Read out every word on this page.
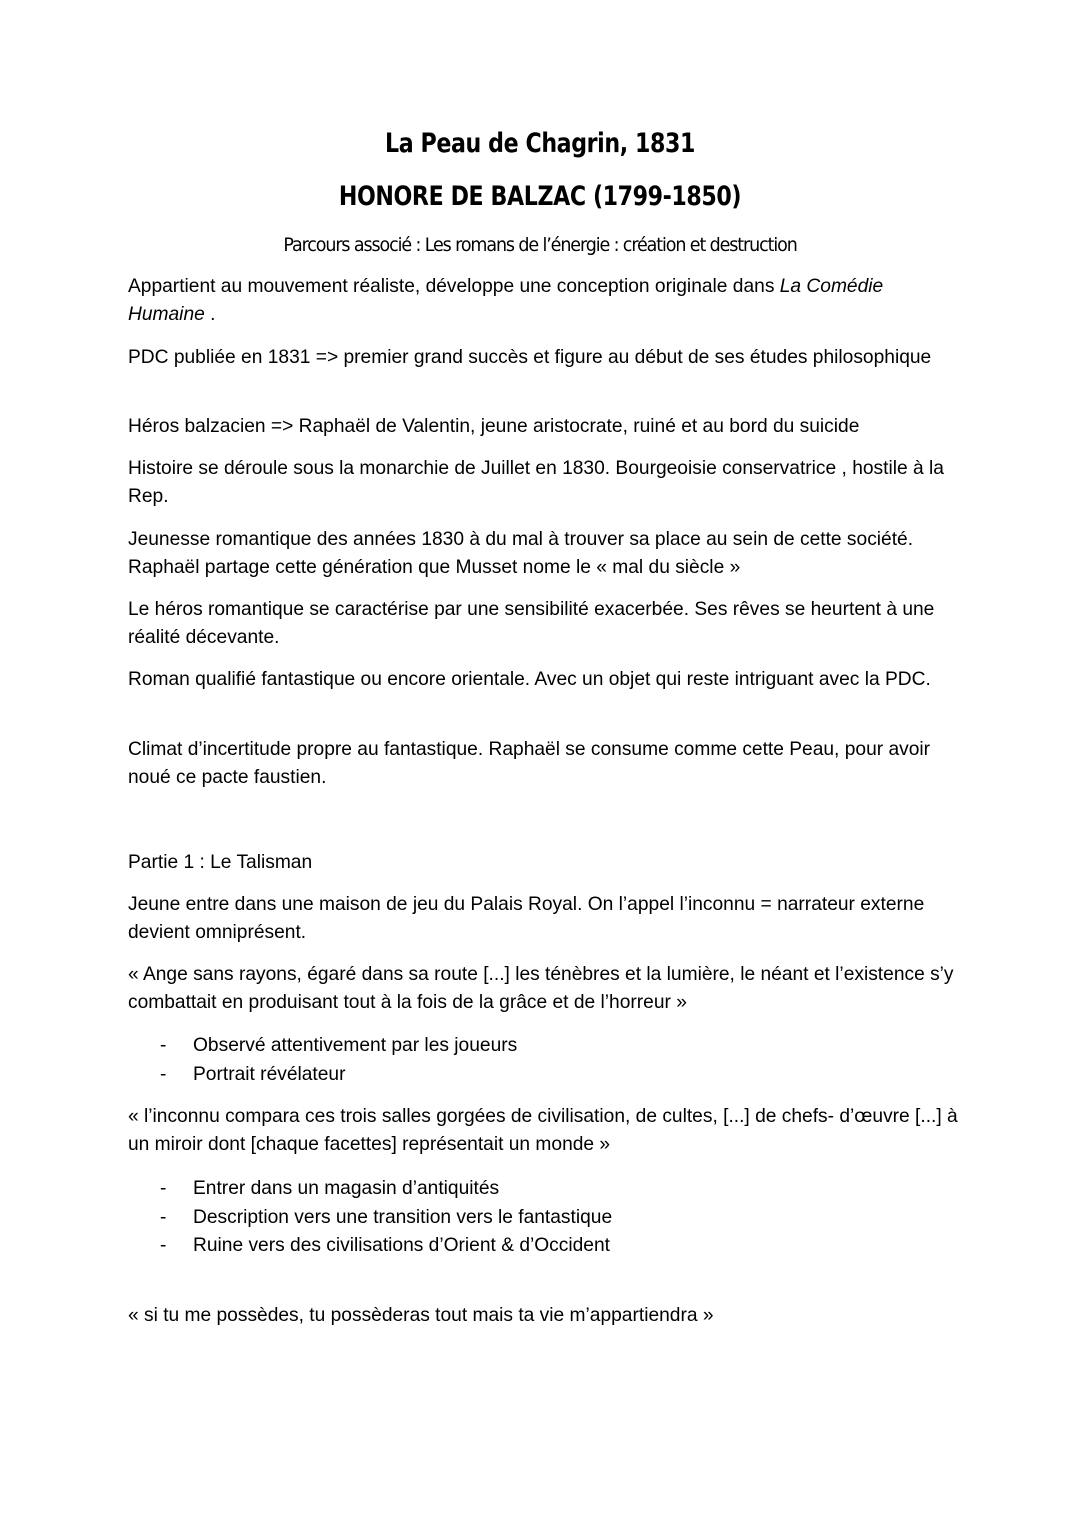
La Peau de Chagrin, 1831
HONORE DE BALZAC (1799-1850)
Parcours associé : Les romans de l’énergie : création et destruction

Appartient au mouvement réaliste, développe une conception originale dans La Comédie Humaine .

PDC publiée en 1831 => premier grand succès et figure au début de ses études philosophique

Héros balzacien => Raphaël de Valentin, jeune aristocrate, ruiné et au bord du suicide

Histoire se déroule sous la monarchie de Juillet en 1830. Bourgeoisie conservatrice , hostile à la Rep.

Jeunesse romantique des années 1830 à du mal à trouver sa place au sein de cette société. Raphaël partage cette génération que Musset nome le « mal du siècle »

Le héros romantique se caractérise par une sensibilité exacerbée. Ses rêves se heurtent à une réalité décevante.

Roman qualifié fantastique ou encore orientale. Avec un objet qui reste intriguant avec la PDC.

Climat d’incertitude propre au fantastique. Raphaël se consume comme cette Peau, pour avoir noué ce pacte faustien.

Partie 1 : Le Talisman

Jeune entre dans une maison de jeu du Palais Royal. On l’appel l’inconnu = narrateur externe devient omniprésent.

« Ange sans rayons, égaré dans sa route [...] les ténèbres et la lumière, le néant et l’existence s’y combattait en produisant tout à la fois de la grâce et de l’horreur »

- Observé attentivement par les joueurs
- Portrait révélateur

« l’inconnu compara ces trois salles gorgées de civilisation, de cultes, [...] de chefs- d’œuvre [...] à un miroir dont [chaque facettes] représentait un monde »

- Entrer dans un magasin d’antiquités
- Description vers une transition vers le fantastique
- Ruine vers des civilisations d’Orient & d’Occident

« si tu me possèdes, tu possèderas tout mais ta vie m’appartiendra »
